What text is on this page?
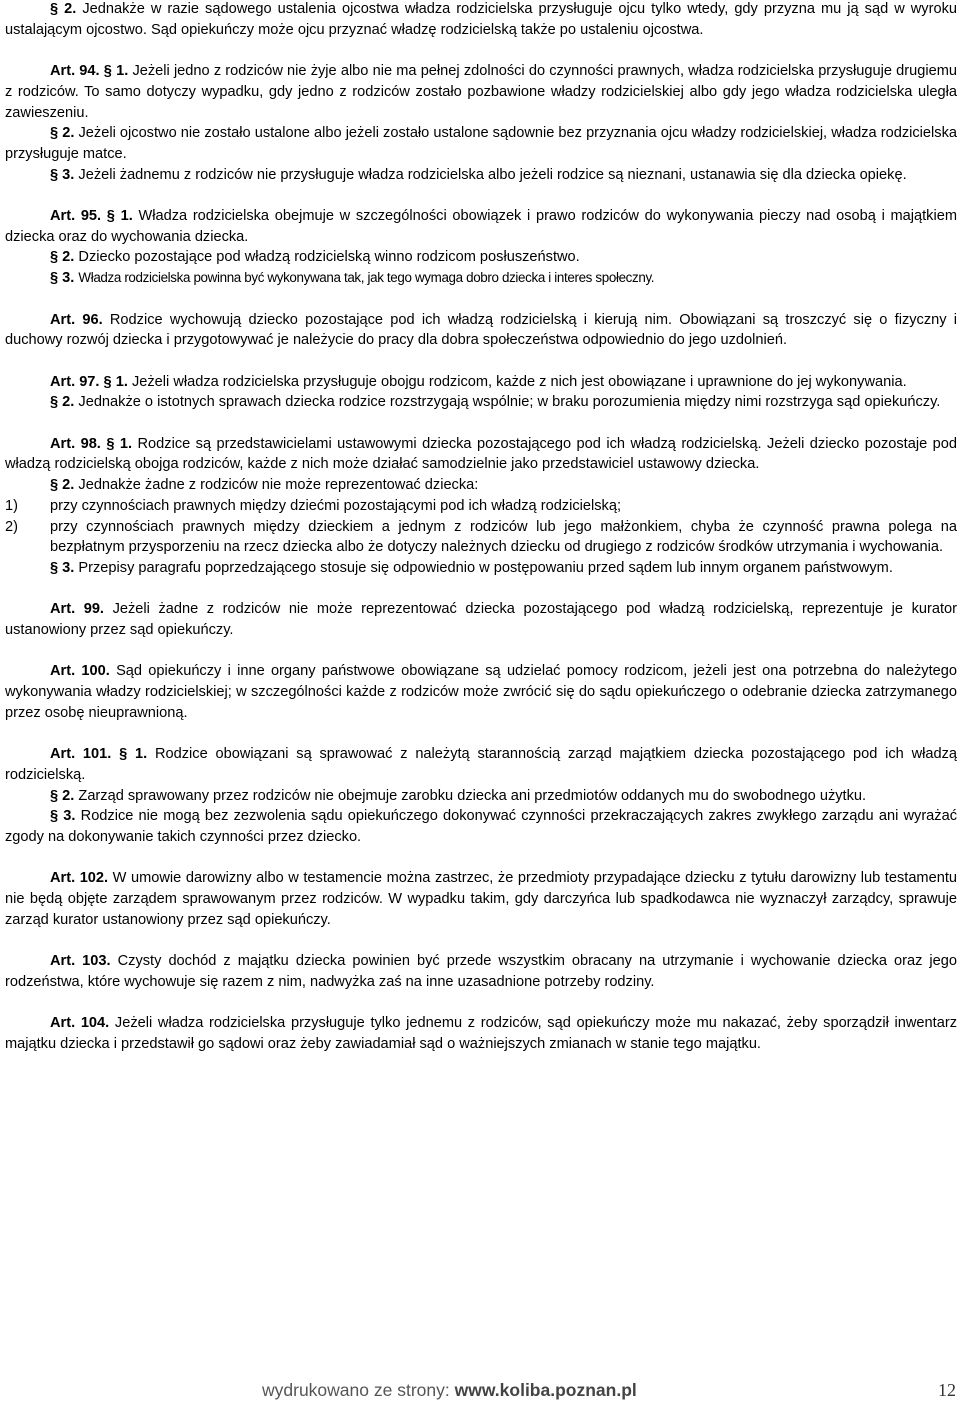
§ 2. Jednakże w razie sądowego ustalenia ojcostwa władza rodzicielska przysługuje ojcu tylko wtedy, gdy przyzna mu ją sąd w wyroku ustalającym ojcostwo. Sąd opiekuńczy może ojcu przyznać władzę rodzicielską także po ustaleniu ojcostwa.

Art. 94. § 1. Jeżeli jedno z rodziców nie żyje albo nie ma pełnej zdolności do czynności prawnych, władza rodzicielska przysługuje drugiemu z rodziców. To samo dotyczy wypadku, gdy jedno z rodziców zostało pozbawione władzy rodzicielskiej albo gdy jego władza rodzicielska uległa zawieszeniu.

§ 2. Jeżeli ojcostwo nie zostało ustalone albo jeżeli zostało ustalone sądownie bez przyznania ojcu władzy rodzicielskiej, władza rodzicielska przysługuje matce.

§ 3. Jeżeli żadnemu z rodziców nie przysługuje władza rodzicielska albo jeżeli rodzice są nieznani, ustanawia się dla dziecka opiekę.

Art. 95. § 1. Władza rodzicielska obejmuje w szczególności obowiązek i prawo rodziców do wykonywania pieczy nad osobą i majątkiem dziecka oraz do wychowania dziecka.

§ 2. Dziecko pozostające pod władzą rodzicielską winno rodzicom posłuszeństwo.

§ 3. Władza rodzicielska powinna być wykonywana tak, jak tego wymaga dobro dziecka i interes społeczny.

Art. 96. Rodzice wychowują dziecko pozostające pod ich władzą rodzicielską i kierują nim. Obowiązani są troszczyć się o fizyczny i duchowy rozwój dziecka i przygotowywać je należycie do pracy dla dobra społeczeństwa odpowiednio do jego uzdolnień.

Art. 97. § 1. Jeżeli władza rodzicielska przysługuje obojgu rodzicom, każde z nich jest obowiązane i uprawnione do jej wykonywania.

§ 2. Jednakże o istotnych sprawach dziecka rodzice rozstrzygają wspólnie; w braku porozumienia między nimi rozstrzyga sąd opiekuńczy.

Art. 98. § 1. Rodzice są przedstawicielami ustawowymi dziecka pozostającego pod ich władzą rodzicielską. Jeżeli dziecko pozostaje pod władzą rodzicielską obojga rodziców, każde z nich może działać samodzielnie jako przedstawiciel ustawowy dziecka.

§ 2. Jednakże żadne z rodziców nie może reprezentować dziecka:

1)	przy czynnościach prawnych między dziećmi pozostającymi pod ich władzą rodzicielską;
2)	przy czynnościach prawnych między dzieckiem a jednym z rodziców lub jego małżonkiem, chyba że czynność prawna polega na bezpłatnym przysporzeniu na rzecz dziecka albo że dotyczy należnych dziecku od drugiego z rodziców środków utrzymania i wychowania.

§ 3. Przepisy paragrafu poprzedzającego stosuje się odpowiednio w postępowaniu przed sądem lub innym organem państwowym.

Art. 99. Jeżeli żadne z rodziców nie może reprezentować dziecka pozostającego pod władzą rodzicielską, reprezentuje je kurator ustanowiony przez sąd opiekuńczy.

Art. 100. Sąd opiekuńczy i inne organy państwowe obowiązane są udzielać pomocy rodzicom, jeżeli jest ona potrzebna do należytego wykonywania władzy rodzicielskiej; w szczególności każde z rodziców może zwrócić się do sądu opiekuńczego o odebranie dziecka zatrzymanego przez osobę nieuprawnioną.

Art. 101. § 1. Rodzice obowiązani są sprawować z należytą starannością zarząd majątkiem dziecka pozostającego pod ich władzą rodzicielską.

§ 2. Zarząd sprawowany przez rodziców nie obejmuje zarobku dziecka ani przedmiotów oddanych mu do swobodnego użytku.

§ 3. Rodzice nie mogą bez zezwolenia sądu opiekuńczego dokonywać czynności przekraczających zakres zwykłego zarządu ani wyrażać zgody na dokonywanie takich czynności przez dziecko.

Art. 102. W umowie darowizny albo w testamencie można zastrzec, że przedmioty przypadające dziecku z tytułu darowizny lub testamentu nie będą objęte zarządem sprawowanym przez rodziców. W wypadku takim, gdy darczyńca lub spadkodawca nie wyznaczył zarządcy, sprawuje zarząd kurator ustanowiony przez sąd opiekuńczy.

Art. 103. Czysty dochód z majątku dziecka powinien być przede wszystkim obracany na utrzymanie i wychowanie dziecka oraz jego rodzeństwa, które wychowuje się razem z nim, nadwyżka zaś na inne uzasadnione potrzeby rodziny.

Art. 104. Jeżeli władza rodzicielska przysługuje tylko jednemu z rodziców, sąd opiekuńczy może mu nakazać, żeby sporządził inwentarz majątku dziecka i przedstawił go sądowi oraz żeby zawiadamiał sąd o ważniejszych zmianach w stanie tego majątku.

wydrukowano ze strony: www.koliba.poznan.pl	12
